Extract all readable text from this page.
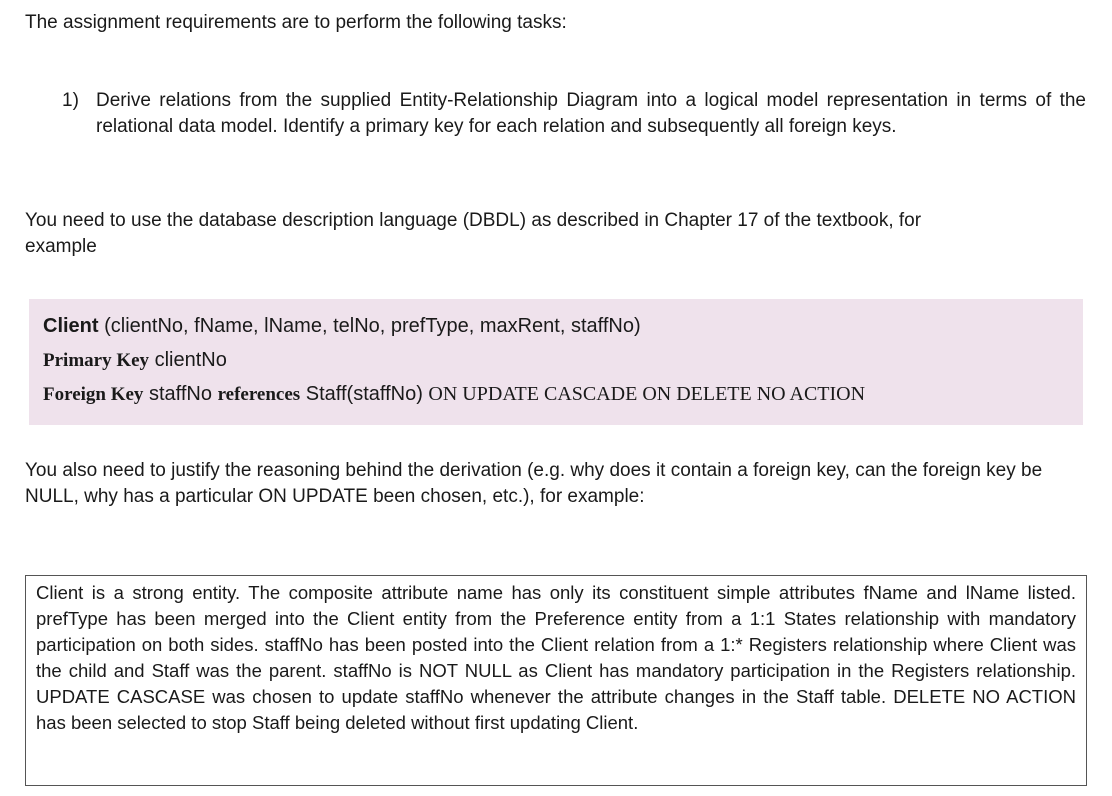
The assignment requirements are to perform the following tasks:

1) Derive relations from the supplied Entity-Relationship Diagram into a logical model representation in terms of the relational data model. Identify a primary key for each relation and subsequently all foreign keys.

You need to use the database description language (DBDL) as described in Chapter 17 of the textbook, for example

Client (clientNo, fName, lName, telNo, prefType, maxRent, staffNo)
Primary Key clientNo
Foreign Key staffNo references Staff(staffNo) ON UPDATE CASCADE ON DELETE NO ACTION

You also need to justify the reasoning behind the derivation (e.g. why does it contain a foreign key, can the foreign key be NULL, why has a particular ON UPDATE been chosen, etc.), for example:

Client is a strong entity. The composite attribute name has only its constituent simple attributes fName and lName listed. prefType has been merged into the Client entity from the Preference entity from a 1:1 States relationship with mandatory participation on both sides. staffNo has been posted into the Client relation from a 1:* Registers relationship where Client was the child and Staff was the parent. staffNo is NOT NULL as Client has mandatory participation in the Registers relationship. UPDATE CASCASE was chosen to update staffNo whenever the attribute changes in the Staff table. DELETE NO ACTION has been selected to stop Staff being deleted without first updating Client.
